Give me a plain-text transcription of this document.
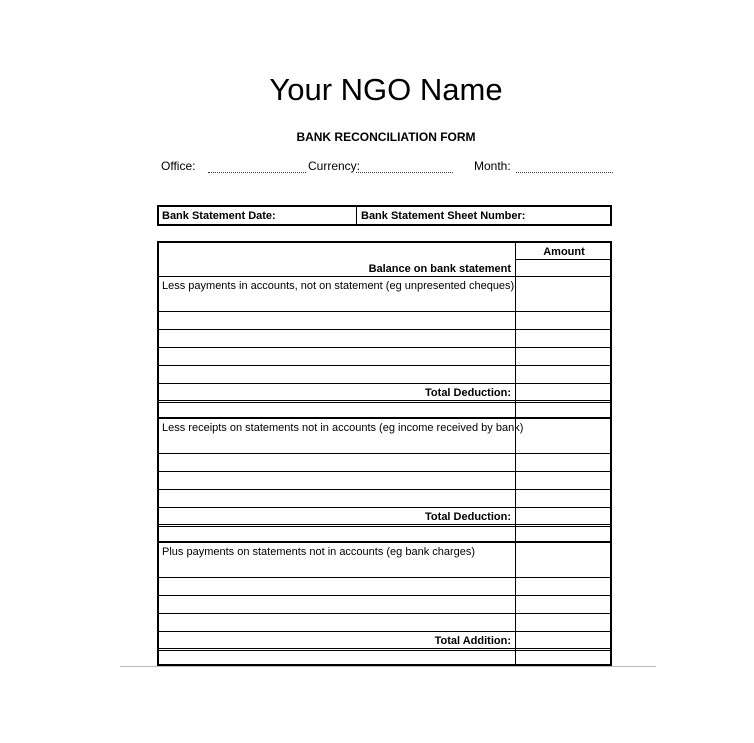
Your NGO Name
BANK RECONCILIATION FORM
Office:	Currency:	Month:
Bank Statement Date:	Bank Statement Sheet Number:
Amount
Balance on bank statement
Less payments in accounts, not on statement (eg unpresented cheques)
Total Deduction:
Less receipts on statements not in accounts (eg income received by bank)
Total Deduction:
Plus payments on statements not in accounts (eg bank charges)
Total Addition:
